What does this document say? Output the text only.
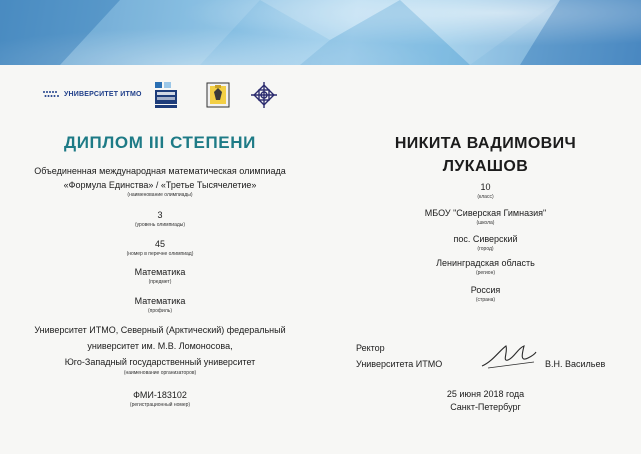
УНИВЕРСИТЕТ ИТМО
ДИПЛОМ III СТЕПЕНИ
Объединенная международная математическая олимпиада
«Формула Единства» / «Третье Тысячелетие»
(наименование олимпиады)
3
(уровень олимпиады)
45
(номер в перечне олимпиад)
Математика
(предмет)
Математика
(профиль)
Университет ИТМО, Северный (Арктический) федеральный
университет им. М.В. Ломоносова,
Юго-Западный государственный университет
(наименование организаторов)
ФМИ-183102
(регистрационный номер)
НИКИТА ВАДИМОВИЧ
ЛУКАШОВ
10
(класс)
МБОУ "Сиверская Гимназия"
(школа)
пос. Сиверский
(город)
Ленинградская область
(регион)
Россия
(страна)
Ректор
Университета ИТМО	В.Н. Васильев
25 июня 2018 года
Санкт-Петербург
